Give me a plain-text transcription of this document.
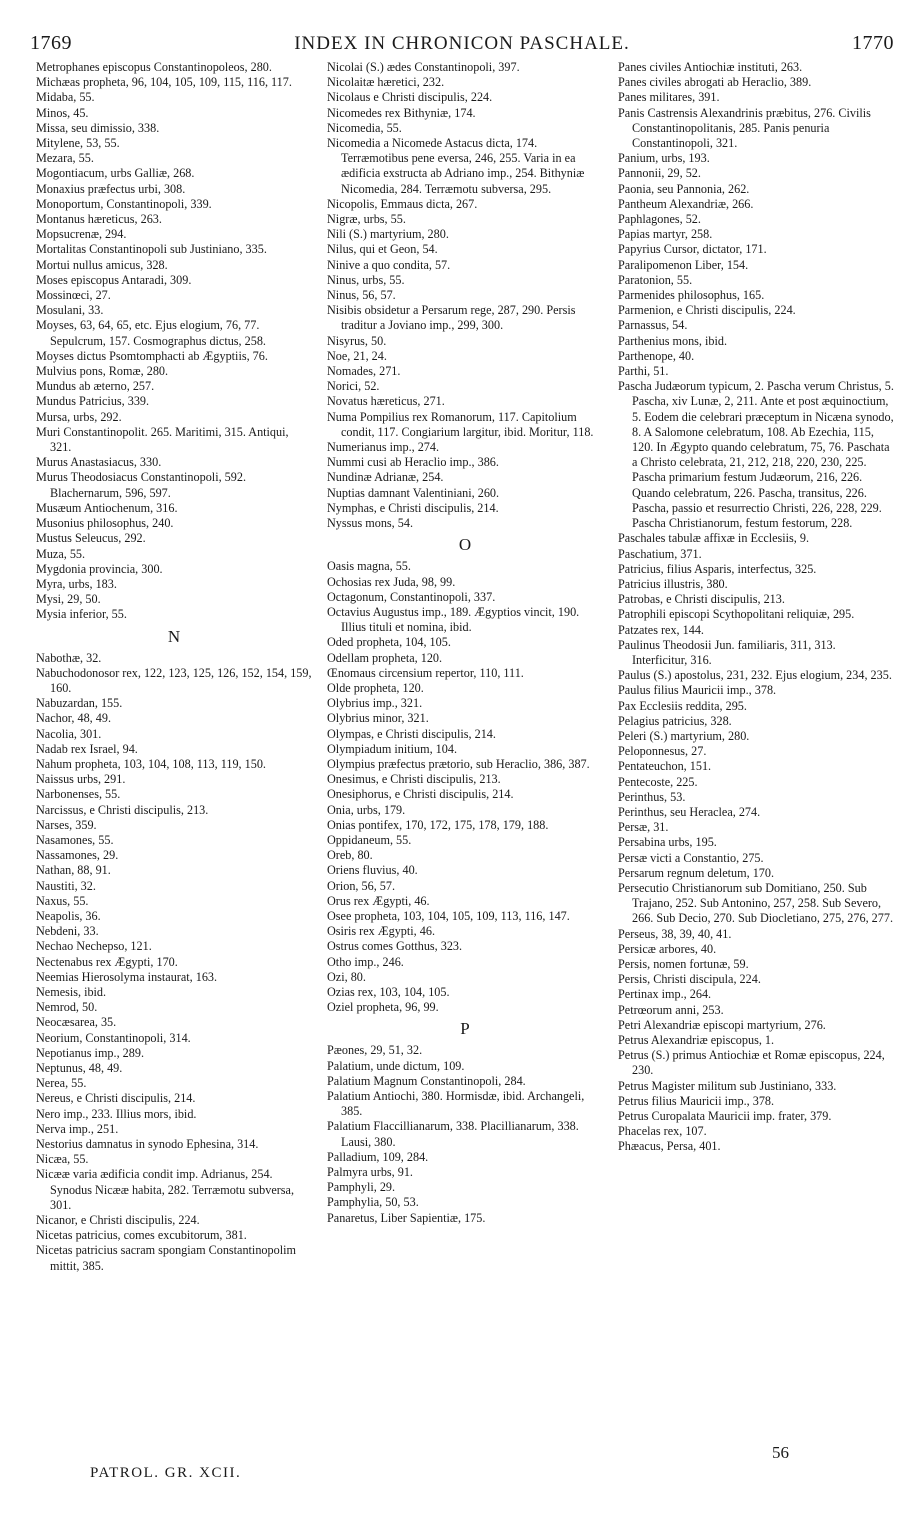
1769	INDEX IN CHRONICON PASCHALE.	1770

Metrophanes episcopus Constantinopoleos, 280.

Michæas propheta, 96, 104, 105, 109, 115, 116, 117.

Midaba, 55.

Minos, 45.

Missa, seu dimissio, 338.

Mitylene, 53, 55.

Mezara, 55.

Mogontiacum, urbs Galliæ, 268.

Monaxius præfectus urbi, 308.

Monoportum, Constantinopoli, 339.

Montanus hæreticus, 263.

Mopsucrenæ, 294.

Mortalitas Constantinopoli sub Justiniano, 335.

Mortui nullus amicus, 328.

Moses episcopus Antaradi, 309.

Mossinœci, 27.

Mosulani, 33.

Moyses, 63, 64, 65, etc. Ejus elogium, 76, 77. Sepulcrum, 157. Cosmographus dictus, 258.

Moyses dictus Psomtomphacti ab Ægyptiis, 76.

Mulvius pons, Romæ, 280.

Mundus ab æterno, 257.

Mundus Patricius, 339.

Mursa, urbs, 292.

Muri Constantinopolit. 265. Maritimi, 315. Antiqui, 321.

Murus Anastasiacus, 330.

Murus Theodosiacus Constantinopoli, 592. Blachernarum, 596, 597.

Musæum Antiochenum, 316.

Musonius philosophus, 240.

Mustus Seleucus, 292.

Muza, 55.

Mygdonia provincia, 300.

Myra, urbs, 183.

Mysi, 29, 50.

Mysia inferior, 55.

N

Nabothæ, 32.

Nabuchodonosor rex, 122, 123, 125, 126, 152, 154, 159, 160.

Nabuzardan, 155.

Nachor, 48, 49.

Nacolia, 301.

Nadab rex Israel, 94.

Nahum propheta, 103, 104, 108, 113, 119, 150.

Naissus urbs, 291.

Narbonenses, 55.

Narcissus, e Christi discipulis, 213.

Narses, 359.

Nasamones, 55.

Nassamones, 29.

Nathan, 88, 91.

Naustiti, 32.

Naxus, 55.

Neapolis, 36.

Nebdeni, 33.

Nechao Nechepso, 121.

Nectenabus rex Ægypti, 170.

Neemias Hierosolyma instaurat, 163.

Nemesis, ibid.

Nemrod, 50.

Neocæsarea, 35.

Neorium, Constantinopoli, 314.

Nepotianus imp., 289.

Neptunus, 48, 49.

Nerea, 55.

Nereus, e Christi discipulis, 214.

Nero imp., 233. Illius mors, ibid.

Nerva imp., 251.

Nestorius damnatus in synodo Ephesina, 314.

Nicæa, 55.

Nicææ varia ædificia condit imp. Adrianus, 254. Synodus Nicææ habita, 282. Terræmotu subversa, 301.

Nicanor, e Christi discipulis, 224.

Nicetas patricius, comes excubitorum, 381.

Nicetas patricius sacram spongiam Constantinopolim mittit, 385.

Nicolai (S.) ædes Constantinopoli, 397.

Nicolaitæ hæretici, 232.

Nicolaus e Christi discipulis, 224.

Nicomedes rex Bithyniæ, 174.

Nicomedia, 55.

Nicomedia a Nicomede Astacus dicta, 174. Terræmotibus pene eversa, 246, 255. Varia in ea ædificia exstructa ab Adriano imp., 254. Bithyniæ Nicomedia, 284. Terræmotu subversa, 295.

Nicopolis, Emmaus dicta, 267.

Nigræ, urbs, 55.

Nili (S.) martyrium, 280.

Nilus, qui et Geon, 54.

Ninive a quo condita, 57.

Ninus, urbs, 55.

Ninus, 56, 57.

Nisibis obsidetur a Persarum rege, 287, 290. Persis traditur a Joviano imp., 299, 300.

Nisyrus, 50.

Noe, 21, 24.

Nomades, 271.

Norici, 52.

Novatus hæreticus, 271.

Numa Pompilius rex Romanorum, 117. Capitolium condit, 117. Congiarium largitur, ibid. Moritur, 118.

Numerianus imp., 274.

Nummi cusi ab Heraclio imp., 386.

Nundinæ Adrianæ, 254.

Nuptias damnant Valentiniani, 260.

Nymphas, e Christi discipulis, 214.

Nyssus mons, 54.

O

Oasis magna, 55.

Ochosias rex Juda, 98, 99.

Octagonum, Constantinopoli, 337.

Octavius Augustus imp., 189. Ægyptios vincit, 190. Illius tituli et nomina, ibid.

Oded propheta, 104, 105.

Odellam propheta, 120.

Œnomaus circensium repertor, 110, 111.

Olde propheta, 120.

Olybrius imp., 321.

Olybrius minor, 321.

Olympas, e Christi discipulis, 214.

Olympiadum initium, 104.

Olympius præfectus prætorio, sub Heraclio, 386, 387.

Onesimus, e Christi discipulis, 213.

Onesiphorus, e Christi discipulis, 214.

Onia, urbs, 179.

Onias pontifex, 170, 172, 175, 178, 179, 188.

Oppidaneum, 55.

Oreb, 80.

Oriens fluvius, 40.

Orion, 56, 57.

Orus rex Ægypti, 46.

Osee propheta, 103, 104, 105, 109, 113, 116, 147.

Osiris rex Ægypti, 46.

Ostrus comes Gotthus, 323.

Otho imp., 246.

Ozi, 80.

Ozias rex, 103, 104, 105.

Oziel propheta, 96, 99.

P

Pæones, 29, 51, 32.

Palatium, unde dictum, 109.

Palatium Magnum Constantinopoli, 284.

Palatium Antiochi, 380. Hormisdæ, ibid. Archangeli, 385.

Palatium Flaccillianarum, 338. Placillianarum, 338. Lausi, 380.

Palladium, 109, 284.

Palmyra urbs, 91.

Pamphyli, 29.

Pamphylia, 50, 53.

Panaretus, Liber Sapientiæ, 175.

Panes civiles Antiochiæ instituti, 263.

Panes civiles abrogati ab Heraclio, 389.

Panes militares, 391.

Panis Castrensis Alexandrinis præbitus, 276. Civilis Constantinopolitanis, 285. Panis penuria Constantinopoli, 321.

Panium, urbs, 193.

Pannonii, 29, 52.

Paonia, seu Pannonia, 262.

Pantheum Alexandriæ, 266.

Paphlagones, 52.

Papias martyr, 258.

Papyrius Cursor, dictator, 171.

Paralipomenon Liber, 154.

Paratonion, 55.

Parmenides philosophus, 165.

Parmenion, e Christi discipulis, 224.

Parnassus, 54.

Parthenius mons, ibid.

Parthenope, 40.

Parthi, 51.

Pascha Judæorum typicum, 2. Pascha verum Christus, 5. Pascha, xiv Lunæ, 2, 211. Ante et post æquinoctium, 5. Eodem die celebrari præceptum in Nicæna synodo, 8. A Salomone celebratum, 108. Ab Ezechia, 115, 120. In Ægypto quando celebratum, 75, 76. Paschata a Christo celebrata, 21, 212, 218, 220, 230, 225. Pascha primarium festum Judæorum, 216, 226. Quando celebratum, 226. Pascha, transitus, 226. Pascha, passio et resurrectio Christi, 226, 228, 229. Pascha Christianorum, festum festorum, 228.

Paschales tabulæ affixæ in Ecclesiis, 9.

Paschatium, 371.

Patricius, filius Asparis, interfectus, 325.

Patricius illustris, 380.

Patrobas, e Christi discipulis, 213.

Patrophili episcopi Scythopolitani reliquiæ, 295.

Patzates rex, 144.

Paulinus Theodosii Jun. familiaris, 311, 313. Interficitur, 316.

Paulus (S.) apostolus, 231, 232. Ejus elogium, 234, 235.

Paulus filius Mauricii imp., 378.

Pax Ecclesiis reddita, 295.

Pelagius patricius, 328.

Peleri (S.) martyrium, 280.

Peloponnesus, 27.

Pentateuchon, 151.

Pentecoste, 225.

Perinthus, 53.

Perinthus, seu Heraclea, 274.

Persæ, 31.

Persabina urbs, 195.

Persæ victi a Constantio, 275.

Persarum regnum deletum, 170.

Persecutio Christianorum sub Domitiano, 250. Sub Trajano, 252. Sub Antonino, 257, 258. Sub Severo, 266. Sub Decio, 270. Sub Diocletiano, 275, 276, 277.

Perseus, 38, 39, 40, 41.

Persicæ arbores, 40.

Persis, nomen fortunæ, 59.

Persis, Christi discipula, 224.

Pertinax imp., 264.

Petrœorum anni, 253.

Petri Alexandriæ episcopi martyrium, 276.

Petrus Alexandriæ episcopus, 1.

Petrus (S.) primus Antiochiæ et Romæ episcopus, 224, 230.

Petrus Magister militum sub Justiniano, 333.

Petrus filius Mauricii imp., 378.

Petrus Curopalata Mauricii imp. frater, 379.

Phacelas rex, 107.

Phæacus, Persa, 401.

PATROL. GR. XCII.
56
